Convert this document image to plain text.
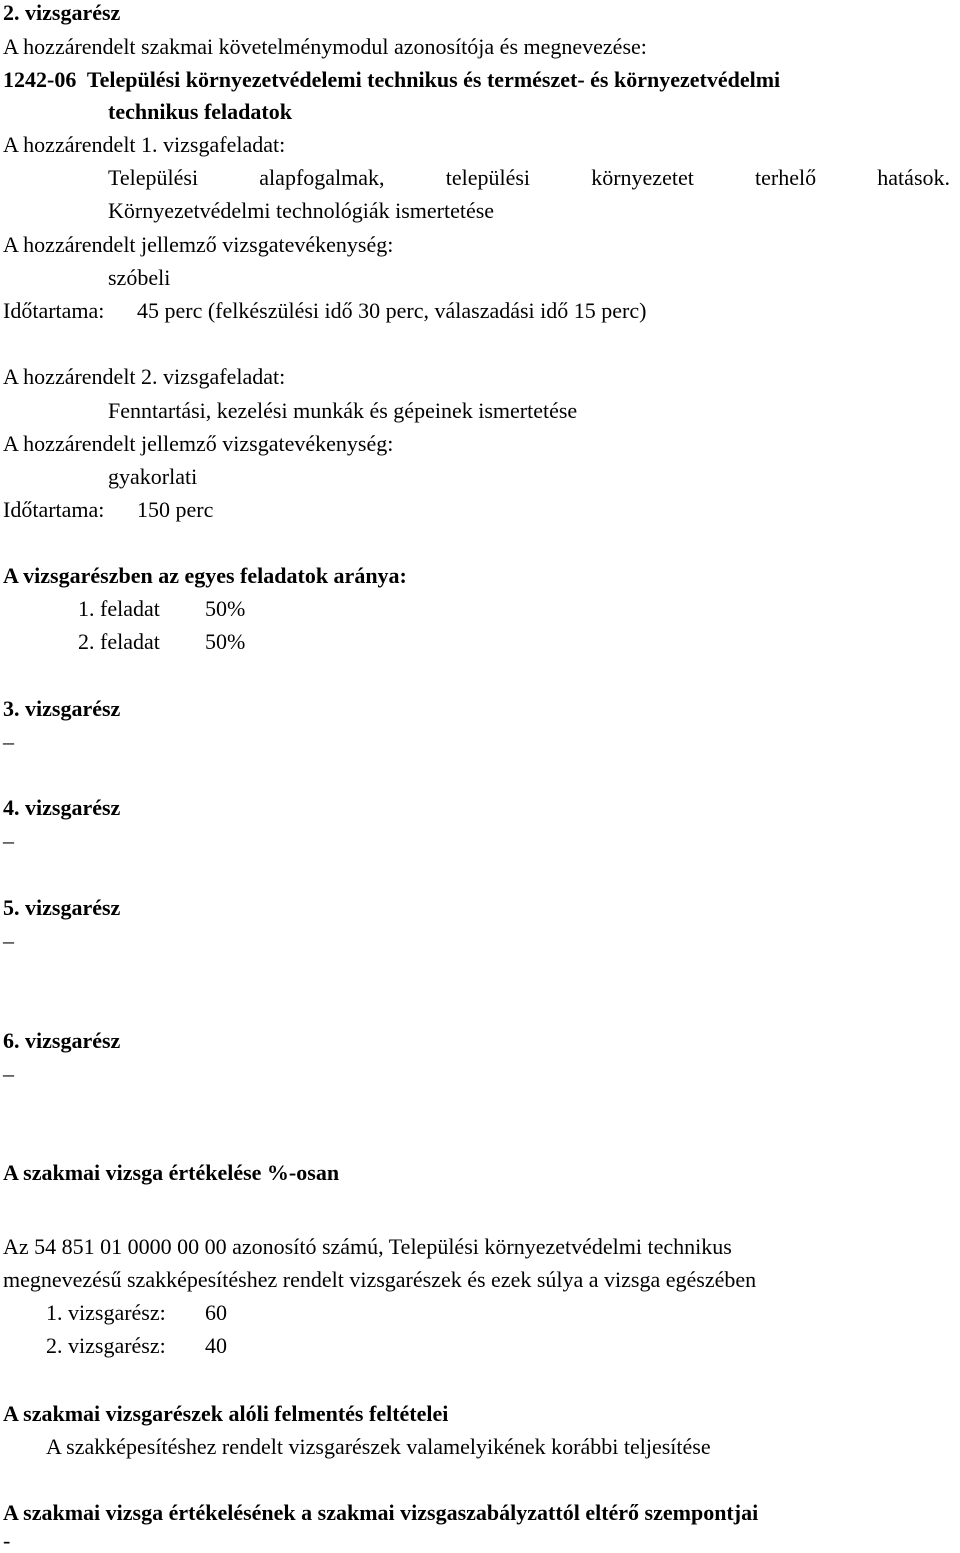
2. vizsgarész
A hozzárendelt szakmai követelménymodul azonosítója és megnevezése:
1242-06  Települési környezetvédelemi technikus és természet- és környezetvédelmi
technikus feladatok
A hozzárendelt 1. vizsgafeladat:
Települési	alapfogalmak,	települési	környezetet	terhelő	hatások.
Környezetvédelmi technológiák ismertetése
A hozzárendelt jellemző vizsgatevékenység:
szóbeli
Időtartama: 45 perc (felkészülési idő 30 perc, válaszadási idő 15 perc)
A hozzárendelt 2. vizsgafeladat:
Fenntartási, kezelési munkák és gépeinek ismertetése
A hozzárendelt jellemző vizsgatevékenység:
gyakorlati
Időtartama: 150 perc
A vizsgarészben az egyes feladatok aránya:
1. feladat 50%
2. feladat 50%
3. vizsgarész
–
4. vizsgarész
–
5. vizsgarész
–
6. vizsgarész
–
A szakmai vizsga értékelése %-osan
Az 54 851 01 0000 00 00 azonosító számú, Települési környezetvédelmi technikus
megnevezésű szakképesítéshez rendelt vizsgarészek és ezek súlya a vizsga egészében
1. vizsgarész: 60
2. vizsgarész: 40
A szakmai vizsgarészek alóli felmentés feltételei
A szakképesítéshez rendelt vizsgarészek valamelyikének korábbi teljesítése
A szakmai vizsga értékelésének a szakmai vizsgaszabályzattól eltérő szempontjai
-
